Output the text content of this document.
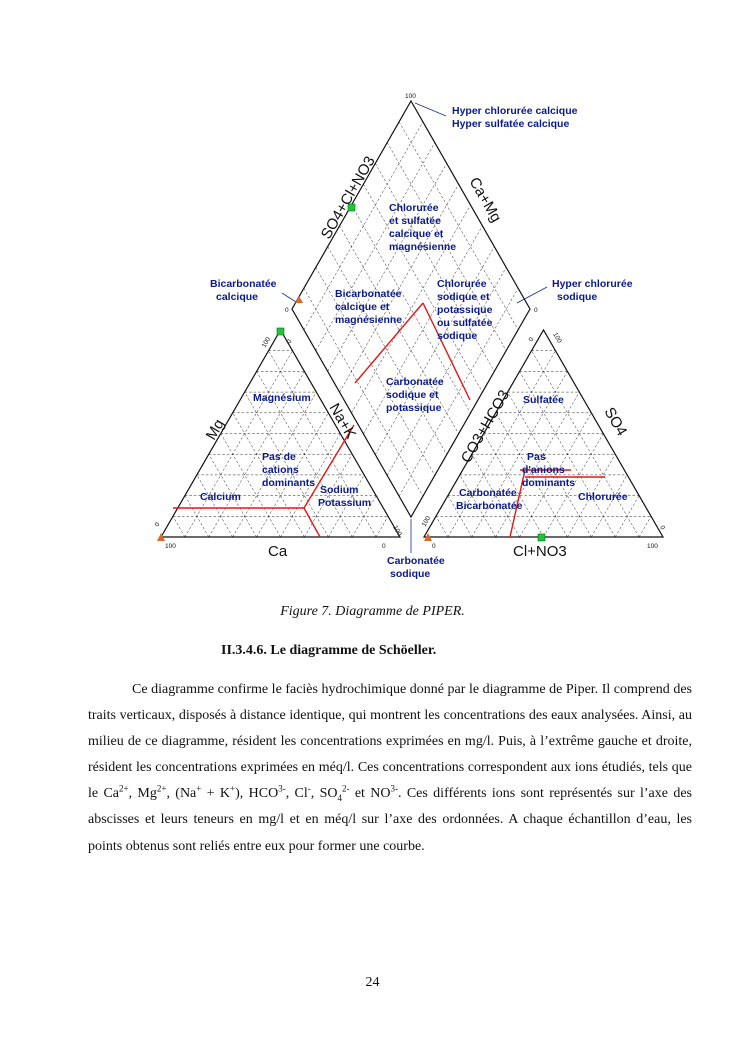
100
0	0
100	0
100 0
0	100
0	100
0 100
100	0
Ca	Cl+NO3
Mg	Na+K	CO3+HCO3	SO4
SO4+Cl+NO3	Ca+Mg
Hyper chlorurée calcique Hyper sulfatée calcique
Chlorurée et sulfatée calcique et magnésienne
Bicarbonatée calcique	Bicarbonatée calcique et magnésienne
Chlorurée sodique et potassique ou sulfatée sodique
Hyper chlorurée sodique
Carbonatée sodique et potassique
Magnésium
Pas de cations dominants
Calcium
Sodium Potassium
Sulfatée
Pas d'anions dominants
Carbonatée Bicarbonatée
Chlorurée
Carbonatée sodique
Figure 7. Diagramme de PIPER.
II.3.4.6. Le diagramme de Schöeller.

Ce diagramme confirme le faciès hydrochimique donné par le diagramme de Piper. Il comprend des traits verticaux, disposés à distance identique, qui montrent les concentrations des eaux analysées. Ainsi, au milieu de ce diagramme, résident les concentrations exprimées en mg/l. Puis, à l’extrême gauche et droite, résident les concentrations exprimées en méq/l. Ces concentrations correspondent aux ions étudiés, tels que le $Ca^{2+}$, $Mg^{2+}$, (Na+ + K+), $HCO^{3-}$, Cl-, $SO_4^{2-}$ et $NO^{3-}$. Ces différents ions sont représentés sur l’axe des abscisses et leurs teneurs en mg/l et en méq/l sur l’axe des ordonnées. A chaque échantillon d’eau, les points obtenus sont reliés entre eux pour former une courbe.

24
